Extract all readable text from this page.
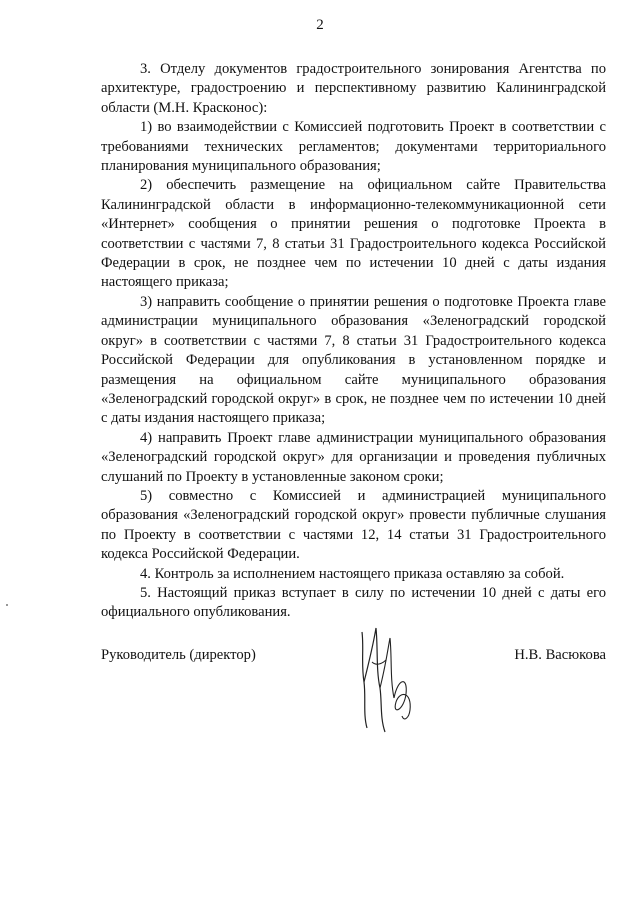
2

3. Отделу документов градостроительного зонирования Агентства по архитектуре, градостроению и перспективному развитию Калининградской области (М.Н. Красконос):

1) во взаимодействии с Комиссией подготовить Проект в соответствии с требованиями технических регламентов; документами территориального планирования муниципального образования;

2) обеспечить размещение на официальном сайте Правительства Калининградской области в информационно-телекоммуникационной сети «Интернет» сообщения о принятии решения о подготовке Проекта в соответствии с частями 7, 8 статьи 31 Градостроительного кодекса Российской Федерации в срок, не позднее чем по истечении 10 дней с даты издания настоящего приказа;

3) направить сообщение о принятии решения о подготовке Проекта главе администрации муниципального образования «Зеленоградский городской округ» в соответствии с частями 7, 8 статьи 31 Градостроительного кодекса Российской Федерации для опубликования в установленном порядке и размещения на официальном сайте муниципального образования «Зеленоградский городской округ» в срок, не позднее чем по истечении 10 дней с даты издания настоящего приказа;

4) направить Проект главе администрации муниципального образования «Зеленоградский городской округ» для организации и проведения публичных слушаний по Проекту в установленные законом сроки;

5) совместно с Комиссией и администрацией муниципального образования «Зеленоградский городской округ» провести публичные слушания по Проекту в соответствии с частями 12, 14 статьи 31 Градостроительного кодекса Российской Федерации.

4. Контроль за исполнением настоящего приказа оставляю за собой.

5. Настоящий приказ вступает в силу по истечении 10 дней с даты его официального опубликования.

Руководитель (директор)	Н.В. Васюкова
